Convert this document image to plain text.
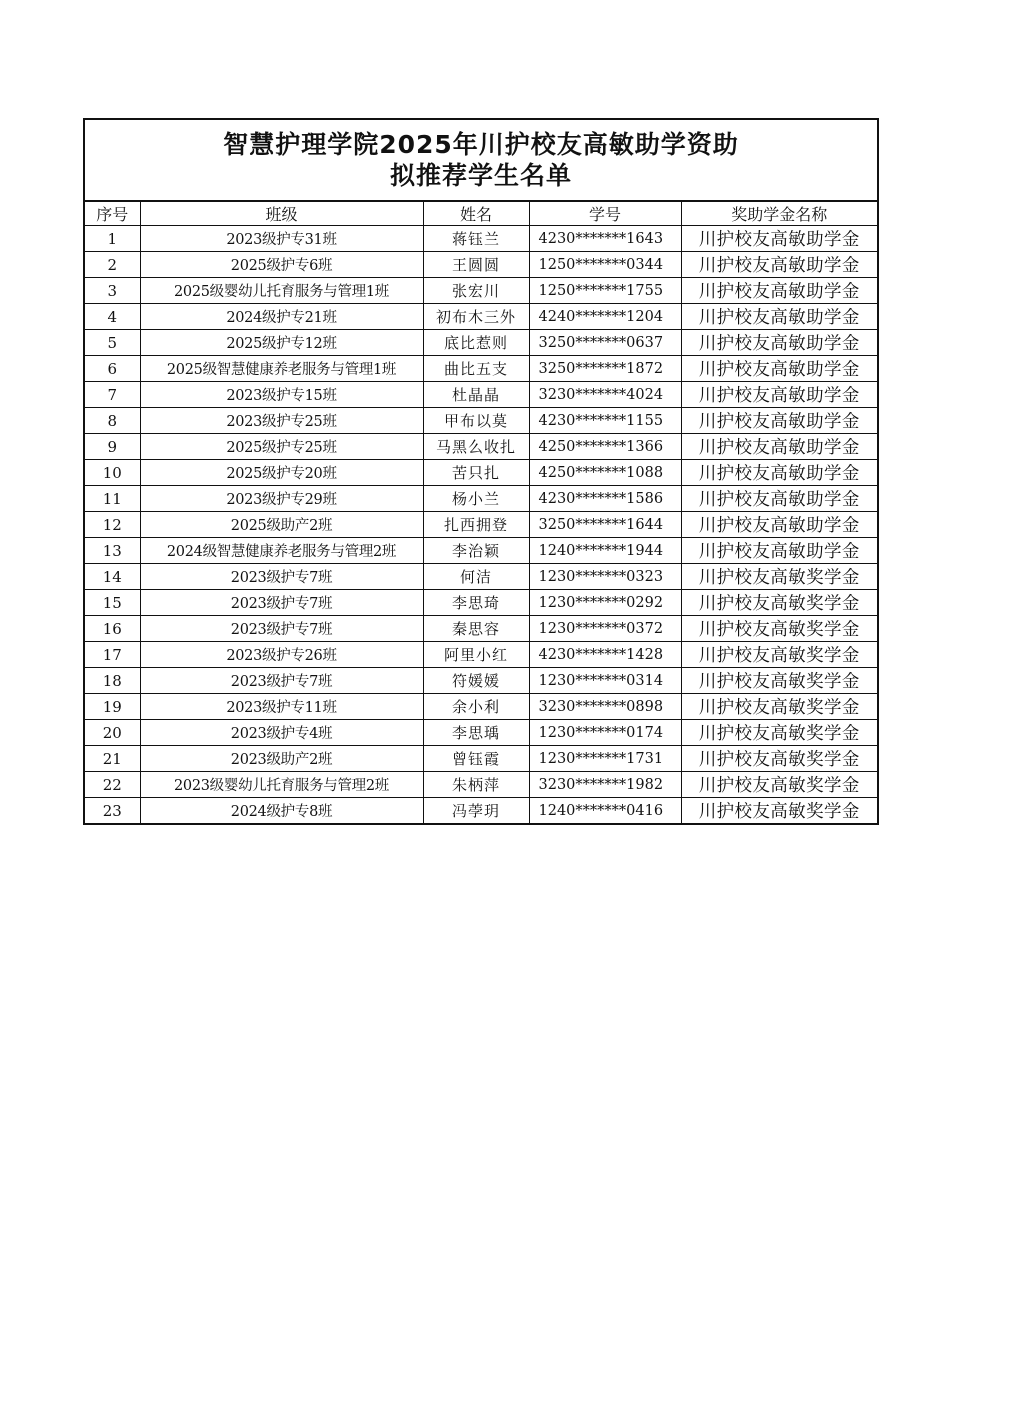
智慧护理学院2025年川护校友高敏助学资助
拟推荐学生名单
序号	班级	姓名	学号	奖助学金名称
1	2023级护专31班	蒋钰兰	4230*******1643	川护校友高敏助学金
2	2025级护专6班	王圆圆	1250*******0344	川护校友高敏助学金
3	2025级婴幼儿托育服务与管理1班	张宏川	1250*******1755	川护校友高敏助学金
4	2024级护专21班	初布木三外	4240*******1204	川护校友高敏助学金
5	2025级护专12班	底比惹则	3250*******0637	川护校友高敏助学金
6	2025级智慧健康养老服务与管理1班	曲比五支	3250*******1872	川护校友高敏助学金
7	2023级护专15班	杜晶晶	3230*******4024	川护校友高敏助学金
8	2023级护专25班	甲布以莫	4230*******1155	川护校友高敏助学金
9	2025级护专25班	马黑么收扎	4250*******1366	川护校友高敏助学金
10	2025级护专20班	苦只扎	4250*******1088	川护校友高敏助学金
11	2023级护专29班	杨小兰	4230*******1586	川护校友高敏助学金
12	2025级助产2班	扎西拥登	3250*******1644	川护校友高敏助学金
13	2024级智慧健康养老服务与管理2班	李治颖	1240*******1944	川护校友高敏助学金
14	2023级护专7班	何洁	1230*******0323	川护校友高敏奖学金
15	2023级护专7班	李思琦	1230*******0292	川护校友高敏奖学金
16	2023级护专7班	秦思容	1230*******0372	川护校友高敏奖学金
17	2023级护专26班	阿里小红	4230*******1428	川护校友高敏奖学金
18	2023级护专7班	符媛媛	1230*******0314	川护校友高敏奖学金
19	2023级护专11班	余小利	3230*******0898	川护校友高敏奖学金
20	2023级护专4班	李思瑀	1230*******0174	川护校友高敏奖学金
21	2023级助产2班	曾钰霞	1230*******1731	川护校友高敏奖学金
22	2023级婴幼儿托育服务与管理2班	朱柄萍	3230*******1982	川护校友高敏奖学金
23	2024级护专8班	冯荸玥	1240*******0416	川护校友高敏奖学金
